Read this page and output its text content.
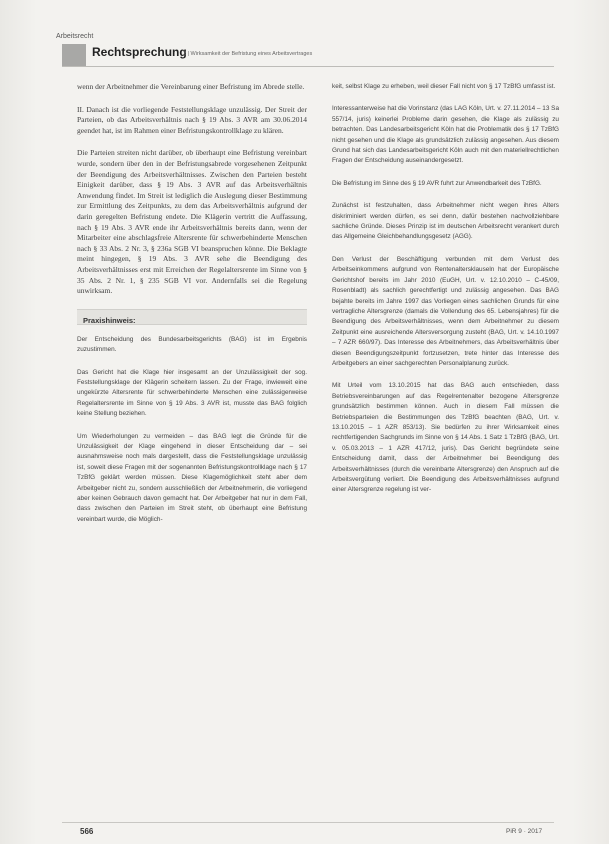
Arbeitsrecht
Rechtsprechung
2 | Wirksamkeit der Befristung eines Arbeitsvertrages

wenn der Arbeitnehmer die Vereinbarung einer Befristung im Abrede stelle.

II. Danach ist die vorliegende Feststellungsklage unzulässig. Der Streit der Parteien, ob das Arbeitsverhältnis nach § 19 Abs. 3 AVR am 30.06.2014 geendet hat, ist im Rahmen einer Befristungskontrollklage zu klären.

Die Parteien streiten nicht darüber, ob überhaupt eine Befristung vereinbart wurde, sondern über den in der Befristungsabrede vorgesehenen Zeitpunkt der Beendigung des Arbeitsverhältnisses. Zwischen den Parteien besteht Einigkeit darüber, dass § 19 Abs. 3 AVR auf das Arbeitsverhältnis Anwendung findet. Im Streit ist lediglich die Auslegung dieser Bestimmung zur Ermittlung des Zeitpunkts, zu dem das Arbeitsverhältnis aufgrund der darin geregelten Befristung endete. Die Klägerin vertritt die Auffassung, nach § 19 Abs. 3 AVR ende ihr Arbeitsverhältnis bereits dann, wenn der Mitarbeiter eine abschlagsfreie Altersrente für schwerbehinderte Menschen nach § 33 Abs. 2 Nr. 3, § 236a SGB VI beanspruchen könne. Die Beklagte meint hingegen, § 19 Abs. 3 AVR sehe die Beendigung des Arbeitsverhältnisses erst mit Erreichen der Regelaltersrente im Sinne von § 35 Abs. 2 Nr. 1, § 235 SGB VI vor. Andernfalls sei die Regelung unwirksam.

Praxishinweis:

Der Entscheidung des Bundesarbeitsgerichts (BAG) ist im Ergebnis zuzustimmen.

Das Gericht hat die Klage hier insgesamt an der Unzulässigkeit der sog. Feststellungsklage der Klägerin scheitern lassen. Zu der Frage, inwieweit eine ungekürzte Altersrente für schwerbehinderte Menschen eine zulässigerweise Regelaltersrente im Sinne von § 19 Abs. 3 AVR ist, musste das BAG folglich keine Stellung beziehen.

Um Wiederholungen zu vermeiden – das BAG legt die Gründe für die Unzulässigkeit der Klage eingehend in dieser Entscheidung dar – sei ausnahmsweise noch mals dargestellt, dass die Feststellungsklage unzulässig ist, soweit diese Fragen mit der sogenannten Befristungskontrollklage nach § 17 TzBfG geklärt werden müssen. Diese Klagemöglichkeit steht aber dem Arbeitgeber nicht zu, sondern ausschließlich der Arbeitnehmerin, die vorliegend aber keinen Gebrauch davon gemacht hat. Der Arbeitgeber hat nur in dem Fall, dass zwischen den Parteien im Streit steht, ob überhaupt eine Befristung vereinbart wurde, die Möglich-

keit, selbst Klage zu erheben, weil dieser Fall nicht von § 17 TzBfG umfasst ist.

Interessanterweise hat die Vorinstanz (das LAG Köln, Urt. v. 27.11.2014 – 13 Sa 557/14, juris) keinerlei Probleme darin gesehen, die Klage als zulässig zu betrachten. Das Landesarbeitsgericht Köln hat die Problematik des § 17 TzBfG nicht gesehen und die Klage als grundsätzlich zulässig angesehen. Aus diesem Grund hat sich das Landesarbeitsgericht Köln auch mit den materiellrechtlichen Fragen der Entscheidung auseinandergesetzt.

Die Befristung im Sinne des § 19 AVR fuhrt zur Anwendbarkeit des TzBfG.

Zunächst ist festzuhalten, dass Arbeitnehmer nicht wegen ihres Alters diskriminiert werden dürfen, es sei denn, dafür bestehen nachvollziehbare sachliche Gründe. Dieses Prinzip ist im deutschen Arbeitsrecht verankert durch das Allgemeine Gleichbehandlungsgesetz (AGG).

Den Verlust der Beschäftigung verbunden mit dem Verlust des Arbeitseinkommens aufgrund von Rentenaltersklauseln hat der Europäische Gerichtshof bereits im Jahr 2010 (EuGH, Urt. v. 12.10.2010 – C-45/09, Rosenbladt) als sachlich gerechtfertigt und zulässig angesehen. Das BAG bejahte bereits im Jahre 1997 das Vorliegen eines sachlichen Grunds für eine vertragliche Altersgrenze (damals die Vollendung des 65. Lebensjahres) für die Beendigung des Arbeitsverhältnisses, wenn dem Arbeitnehmer zu diesem Zeitpunkt eine ausreichende Altersversorgung zusteht (BAG, Urt. v. 14.10.1997 – 7 AZR 660/97). Das Interesse des Arbeitnehmers, das Arbeitsverhältnis über diesen Beendigungszeitpunkt fortzusetzen, trete hinter das Interesse des Arbeitgebers an einer sachgerechten Personalplanung zurück.

Mit Urteil vom 13.10.2015 hat das BAG auch entschieden, dass Betriebsvereinbarungen auf das Regelrentenalter bezogene Altersgrenze grundsätzlich bestimmen können. Auch in diesem Fall müssen die Betriebsparteien die Bestimmungen des TzBfG beachten (BAG, Urt. v. 13.10.2015 – 1 AZR 853/13). Sie bedürfen zu ihrer Wirksamkeit eines rechtfertigenden Sachgrunds im Sinne von § 14 Abs. 1 Satz 1 TzBfG (BAG, Urt. v. 05.03.2013 – 1 AZR 417/12, juris). Das Gericht begründete seine Entscheidung damit, dass der Arbeitnehmer bei Beendigung des Arbeitsverhältnisses (durch die vereinbarte Altersgrenze) den Anspruch auf die Arbeitsvergütung verliert. Die Beendigung des Arbeitsverhältnisses aufgrund einer Altersgrenze regelung ist ver-

566	PiR 9 · 2017
